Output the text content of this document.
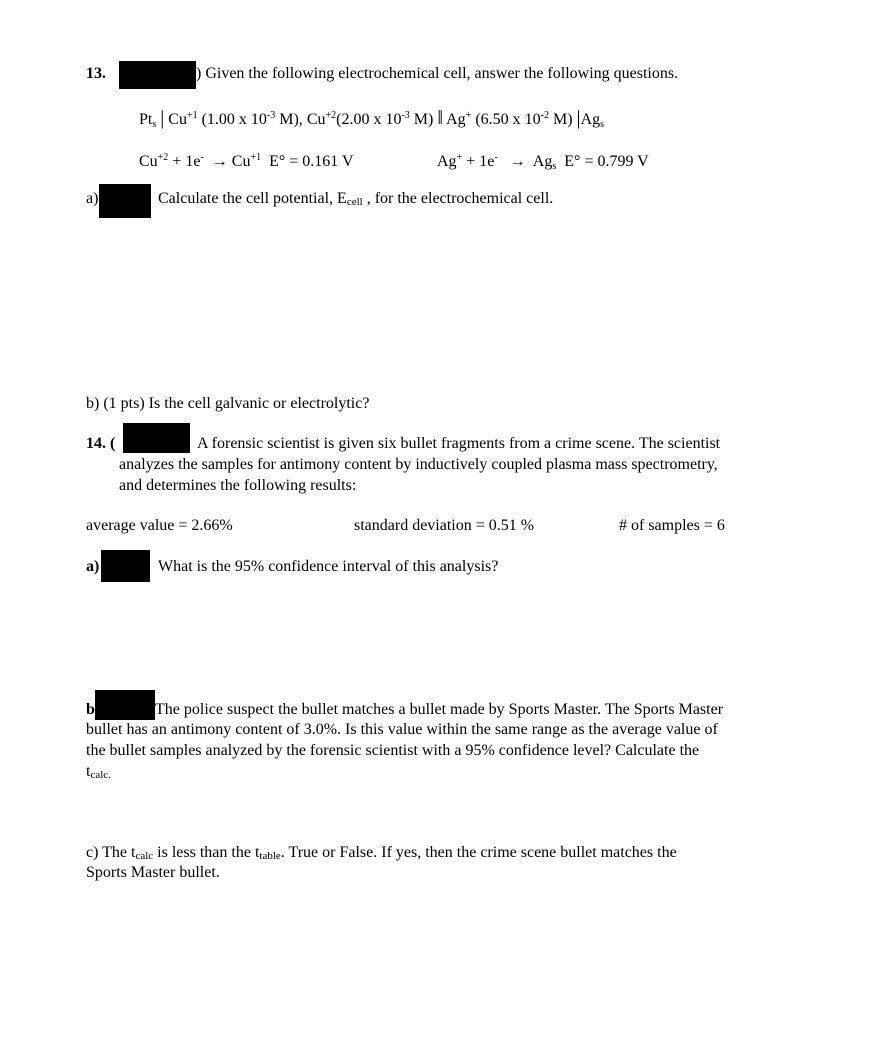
13.	) Given the following electrochemical cell, answer the following questions.
$Pt_s$ | $Cu^{+1}$ (1.00 x $10^{-3}$ M), $Cu^{+2}(2.00$ x $10^{-3}$ M) ‖ Ag+ (6.50 x $10^{-2}$ M) $|Ag_s$
$Cu^{+2} + 1e^- \to Cu^{+1}$ E° = 0.161 V	$Ag^+ + 1e^- \to Ag_s$ E° = 0.799 V
a)	Calculate the cell potential, Ecell , for the electrochemical cell.
b) (1 pts) Is the cell galvanic or electrolytic?
14. (	A forensic scientist is given six bullet fragments from a crime scene. The scientist
analyzes the samples for antimony content by inductively coupled plasma mass spectrometry,
and determines the following results:
average value = 2.66%	standard deviation = 0.51 %	# of samples = 6
a)	What is the 95% confidence interval of this analysis?
b	The police suspect the bullet matches a bullet made by Sports Master. The Sports Master
bullet has an antimony content of 3.0%. Is this value within the same range as the average value of
the bullet samples analyzed by the forensic scientist with a 95% confidence level? Calculate the
tcalc.
c) The tcalc is less than the ttable. True or False. If yes, then the crime scene bullet matches the
Sports Master bullet.
